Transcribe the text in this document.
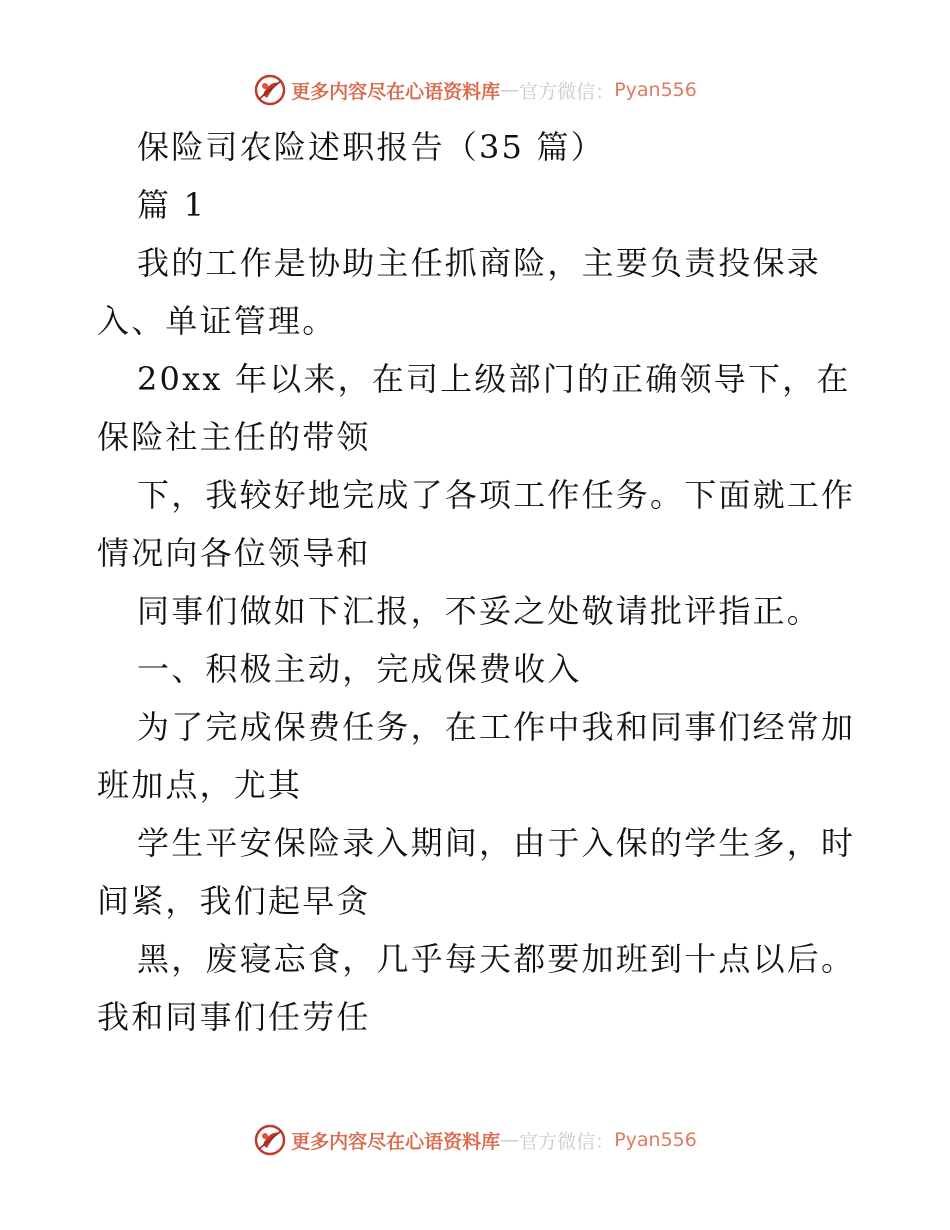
更多内容尽在心语资料库 — 官方微信： Pyan556
保险司农险述职报告（35 篇）
篇 1
我的工作是协助主任抓商险，主要负责投保录
入、单证管理。
20xx 年以来，在司上级部门的正确领导下，在
保险社主任的带领
下，我较好地完成了各项工作任务。下面就工作
情况向各位领导和
同事们做如下汇报，不妥之处敬请批评指正。
一、积极主动，完成保费收入
为了完成保费任务，在工作中我和同事们经常加
班加点，尤其
学生平安保险录入期间，由于入保的学生多，时
间紧，我们起早贪
黑，废寝忘食，几乎每天都要加班到十点以后。
我和同事们任劳任
更多内容尽在心语资料库 — 官方微信： Pyan556
